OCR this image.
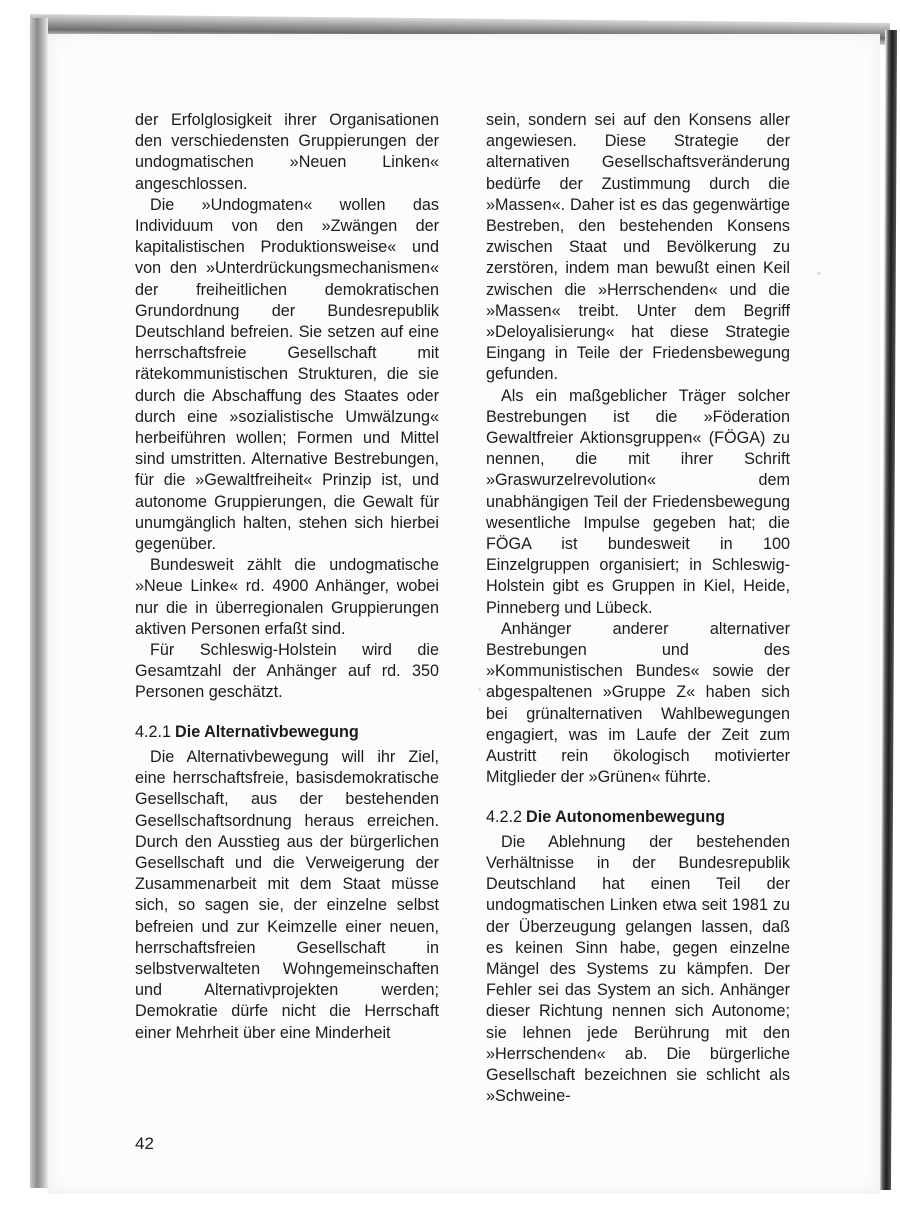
der Erfolglosigkeit ihrer Organisationen den verschiedensten Gruppierungen der undogmatischen »Neuen Linken« angeschlossen.

Die »Undogmaten« wollen das Individuum von den »Zwängen der kapitalistischen Produktionsweise« und von den »Unterdrückungsmechanismen« der freiheitlichen demokratischen Grundordnung der Bundesrepublik Deutschland befreien. Sie setzen auf eine herrschaftsfreie Gesellschaft mit rätekommunistischen Strukturen, die sie durch die Abschaffung des Staates oder durch eine »sozialistische Umwälzung« herbeiführen wollen; Formen und Mittel sind umstritten. Alternative Bestrebungen, für die »Gewaltfreiheit« Prinzip ist, und autonome Gruppierungen, die Gewalt für unumgänglich halten, stehen sich hierbei gegenüber.

Bundesweit zählt die undogmatische »Neue Linke« rd. 4900 Anhänger, wobei nur die in überregionalen Gruppierungen aktiven Personen erfaßt sind.

Für Schleswig-Holstein wird die Gesamtzahl der Anhänger auf rd. 350 Personen geschätzt.

4.2.1 Die Alternativbewegung

Die Alternativbewegung will ihr Ziel, eine herrschaftsfreie, basisdemokratische Gesellschaft, aus der bestehenden Gesellschaftsordnung heraus erreichen. Durch den Ausstieg aus der bürgerlichen Gesellschaft und die Verweigerung der Zusammenarbeit mit dem Staat müsse sich, so sagen sie, der einzelne selbst befreien und zur Keimzelle einer neuen, herrschaftsfreien Gesellschaft in selbstverwalteten Wohngemeinschaften und Alternativprojekten werden; Demokratie dürfe nicht die Herrschaft einer Mehrheit über eine Minderheit

sein, sondern sei auf den Konsens aller angewiesen. Diese Strategie der alternativen Gesellschaftsveränderung bedürfe der Zustimmung durch die »Massen«. Daher ist es das gegenwärtige Bestreben, den bestehenden Konsens zwischen Staat und Bevölkerung zu zerstören, indem man bewußt einen Keil zwischen die »Herrschenden« und die »Massen« treibt. Unter dem Begriff »Deloyalisierung« hat diese Strategie Eingang in Teile der Friedensbewegung gefunden.

Als ein maßgeblicher Träger solcher Bestrebungen ist die »Föderation Gewaltfreier Aktionsgruppen« (FÖGA) zu nennen, die mit ihrer Schrift »Graswurzelrevolution« dem unabhängigen Teil der Friedensbewegung wesentliche Impulse gegeben hat; die FÖGA ist bundesweit in 100 Einzelgruppen organisiert; in Schleswig-Holstein gibt es Gruppen in Kiel, Heide, Pinneberg und Lübeck.

Anhänger anderer alternativer Bestrebungen und des »Kommunistischen Bundes« sowie der abgespaltenen »Gruppe Z« haben sich bei grünalternativen Wahlbewegungen engagiert, was im Laufe der Zeit zum Austritt rein ökologisch motivierter Mitglieder der »Grünen« führte.

4.2.2 Die Autonomenbewegung

Die Ablehnung der bestehenden Verhältnisse in der Bundesrepublik Deutschland hat einen Teil der undogmatischen Linken etwa seit 1981 zu der Überzeugung gelangen lassen, daß es keinen Sinn habe, gegen einzelne Mängel des Systems zu kämpfen. Der Fehler sei das System an sich. Anhänger dieser Richtung nennen sich Autonome; sie lehnen jede Berührung mit den »Herrschenden« ab. Die bürgerliche Gesellschaft bezeichnen sie schlicht als »Schweine-

42
